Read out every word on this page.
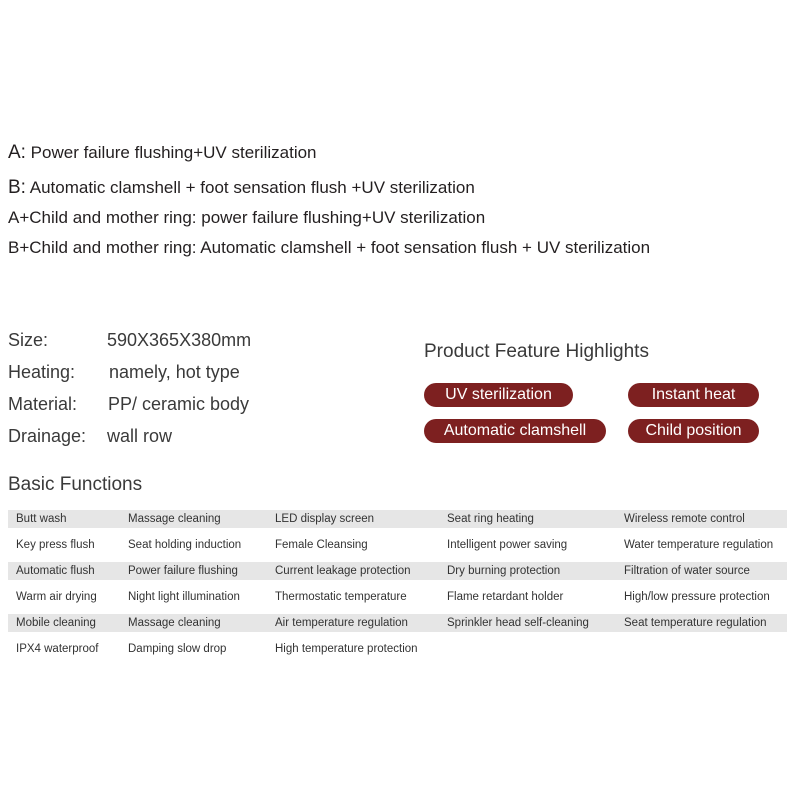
A: Power failure flushing+UV sterilization
B: Automatic clamshell + foot sensation flush +UV sterilization
A+Child and mother ring: power failure flushing+UV sterilization
B+Child and mother ring: Automatic clamshell + foot sensation flush + UV sterilization
Size:	590X365X380mm
Heating: namely, hot type
Material: PP/ ceramic body
Drainage: wall row
Product Feature Highlights
UV sterilization	Instant heat
Automatic clamshell	Child position
Basic Functions
Butt wash	Massage cleaning	LED display screen	Seat ring heating	Wireless remote control
Key press flush	Seat holding induction	Female Cleansing	Intelligent power saving	Water temperature regulation
Automatic flush	Power failure flushing	Current leakage protection	Dry burning protection	Filtration of water source
Warm air drying	Night light illumination	Thermostatic temperature	Flame retardant holder	High/low pressure protection
Mobile cleaning	Massage cleaning	Air temperature regulation	Sprinkler head self-cleaning	Seat temperature regulation
IPX4 waterproof	Damping slow drop	High temperature protection		
